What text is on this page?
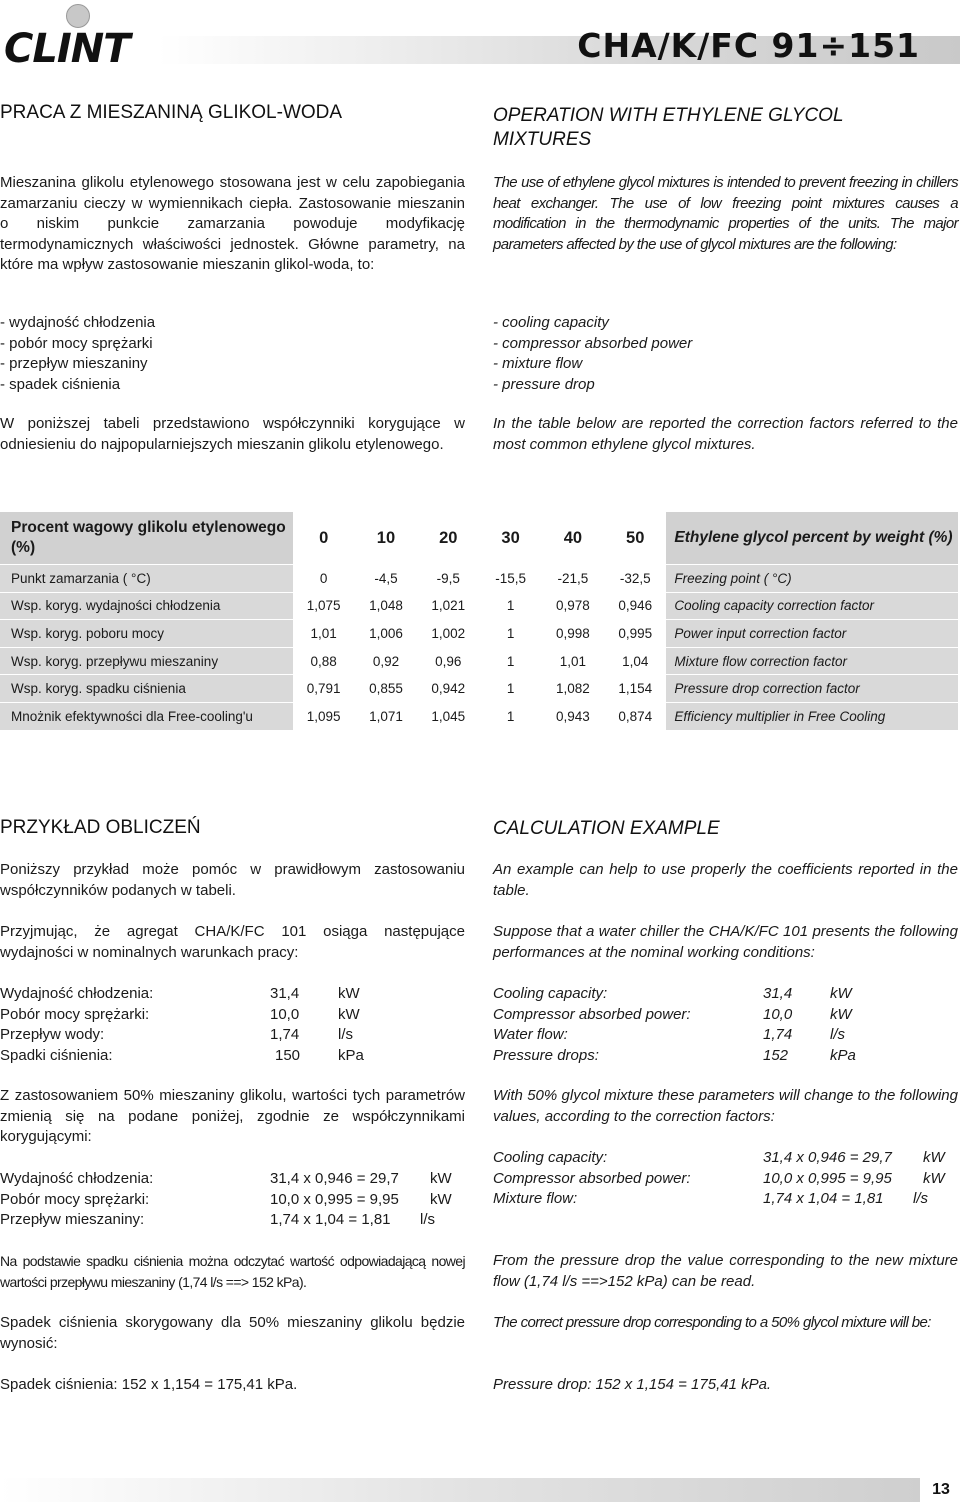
CLINT	CHA/K/FC 91÷151
PRACA Z MIESZANINĄ GLIKOL-WODA

Mieszanina glikolu etylenowego stosowana jest w celu zapobiegania zamarzaniu cieczy w wymiennikach ciepła. Zastosowanie mieszanin o niskim punkcie zamarzania powoduje modyfikację termodynamicznych właściwości jednostek. Główne parametry, na które ma wpływ zastosowanie mieszanin glikol-woda, to:

- wydajność chłodzenia
- pobór mocy sprężarki
- przepływ mieszaniny
- spadek ciśnienia

W poniższej tabeli przedstawiono współczynniki korygujące w odniesieniu do najpopularniejszych mieszanin glikolu etylenowego.

OPERATION WITH ETHYLENE GLYCOL MIXTURES

The use of ethylene glycol mixtures is intended to prevent freezing in chillers heat exchanger. The use of low freezing point mixtures causes a modification in the thermodynamic properties of the units. The major parameters affected by the use of glycol mixtures are the following:

- cooling capacity
- compressor absorbed power
- mixture flow
- pressure drop

In the table below are reported the correction factors referred to the most common ethylene glycol mixtures.

Procent wagowy glikolu etylenowego (%)	0	10	20	30	40	50	Ethylene glycol percent by weight (%)
Punkt zamarzania ( °C)	0	-4,5	-9,5	-15,5	-21,5	-32,5	Freezing point ( °C)
Wsp. koryg. wydajności chłodzenia	1,075	1,048	1,021	1	0,978	0,946	Cooling capacity correction factor
Wsp. koryg. poboru mocy	1,01	1,006	1,002	1	0,998	0,995	Power input correction factor
Wsp. koryg. przepływu mieszaniny	0,88	0,92	0,96	1	1,01	1,04	Mixture flow correction factor
Wsp. koryg. spadku ciśnienia	0,791	0,855	0,942	1	1,082	1,154	Pressure drop correction factor
Mnożnik efektywności dla Free-cooling'u	1,095	1,071	1,045	1	0,943	0,874	Efficiency multiplier in Free Cooling
PRZYKŁAD OBLICZEŃ

Poniższy przykład może pomóc w prawidłowym zastosowaniu współczynników podanych w tabeli.

Przyjmując, że agregat CHA/K/FC 101 osiąga następujące wydajności w nominalnych warunkach pracy:

Wydajność chłodzenia:	31,4	kW
Pobór mocy sprężarki:	10,0	kW
Przepływ wody:	1,74	l/s
Spadki ciśnienia:	150	kPa

Z zastosowaniem 50% mieszaniny glikolu, wartości tych parametrów zmienią się na podane poniżej, zgodnie ze współczynnikami korygującymi:

Wydajność chłodzenia:	31,4 x 0,946 = 29,7 kW
Pobór mocy sprężarki:	10,0 x 0,995 = 9,95 kW
Przepływ mieszaniny:	1,74 x 1,04 = 1,81 l/s

Na podstawie spadku ciśnienia można odczytać wartość odpowiadającą nowej wartości przepływu mieszaniny (1,74 l/s ==> 152 kPa).

Spadek ciśnienia skorygowany dla 50% mieszaniny glikolu będzie wynosić:

Spadek ciśnienia: 152 x 1,154 = 175,41 kPa.

CALCULATION EXAMPLE

An example can help to use properly the coefficients reported in the table.

Suppose that a water chiller the CHA/K/FC 101 presents the following performances at the nominal working conditions:

Cooling capacity:	31,4	kW
Compressor absorbed power:	10,0	kW
Water flow:	1,74	l/s
Pressure drops:	152	kPa

With 50% glycol mixture these parameters will change to the following values, according to the correction factors:

Cooling capacity:	31,4 x 0,946 = 29,7 kW
Compressor absorbed power:	10,0 x 0,995 = 9,95 kW
Mixture flow:	1,74 x 1,04 = 1,81 l/s

From the pressure drop the value corresponding to the new mixture flow (1,74 l/s ==>152 kPa) can be read.

The correct pressure drop corresponding to a 50% glycol mixture will be:

Pressure drop: 152 x 1,154 = 175,41 kPa.

13
